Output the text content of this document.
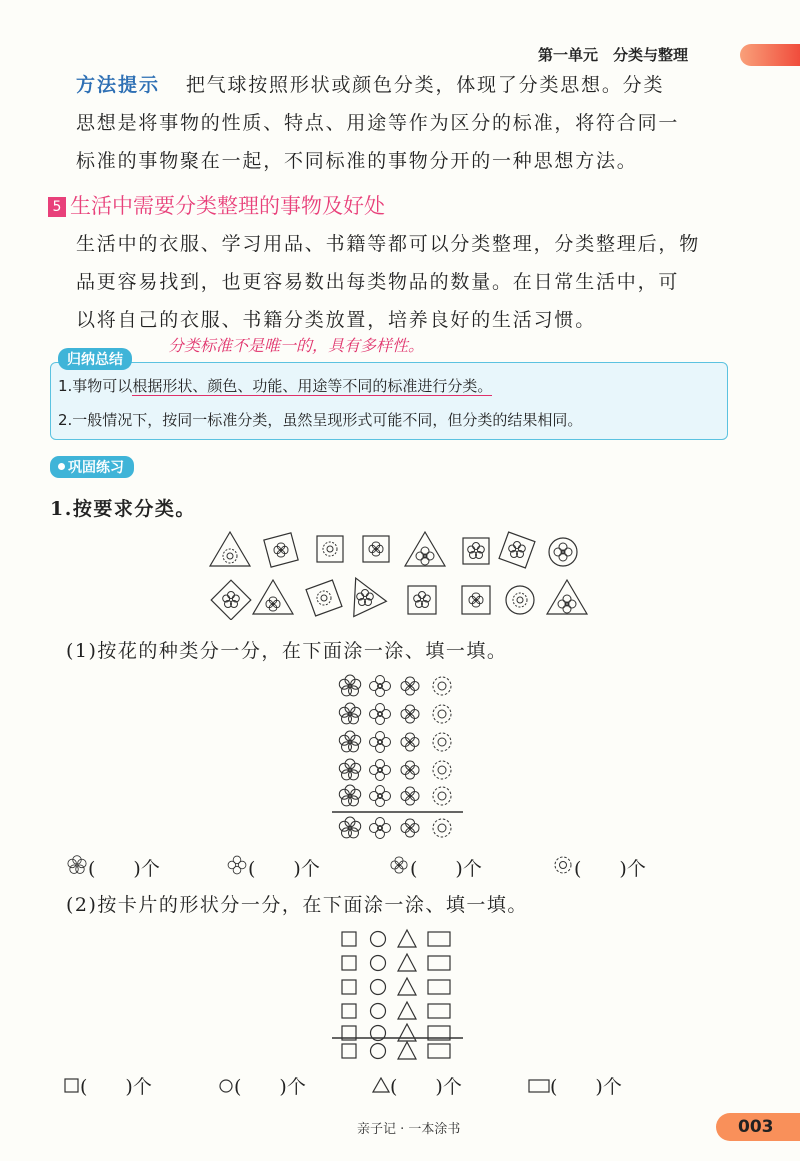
第一单元　分类与整理
方法提示 把气球按照形状或颜色分类，体现了分类思想。分类
思想是将事物的性质、特点、用途等作为区分的标准，将符合同一
标准的事物聚在一起，不同标准的事物分开的一种思想方法。
5 生活中需要分类整理的事物及好处
生活中的衣服、学习用品、书籍等都可以分类整理，分类整理后，物
品更容易找到，也更容易数出每类物品的数量。在日常生活中，可
以将自己的衣服、书籍分类放置，培养良好的生活习惯。
归纳总结
分类标准不是唯一的，具有多样性。
1.事物可以根据形状、颜色、功能、用途等不同的标准进行分类。
2.一般情况下，按同一标准分类，虽然呈现形式可能不同，但分类的结果相同。
巩固练习
1.按要求分类。
(1)按花的种类分一分，在下面涂一涂、填一填。
(　　)个	(　　)个	(　　)个	(　　)个
(2)按卡片的形状分一分，在下面涂一涂、填一填。
(　　)个	(　　)个	(　　)个	(　　)个
亲子记 · 一本涂书	003
